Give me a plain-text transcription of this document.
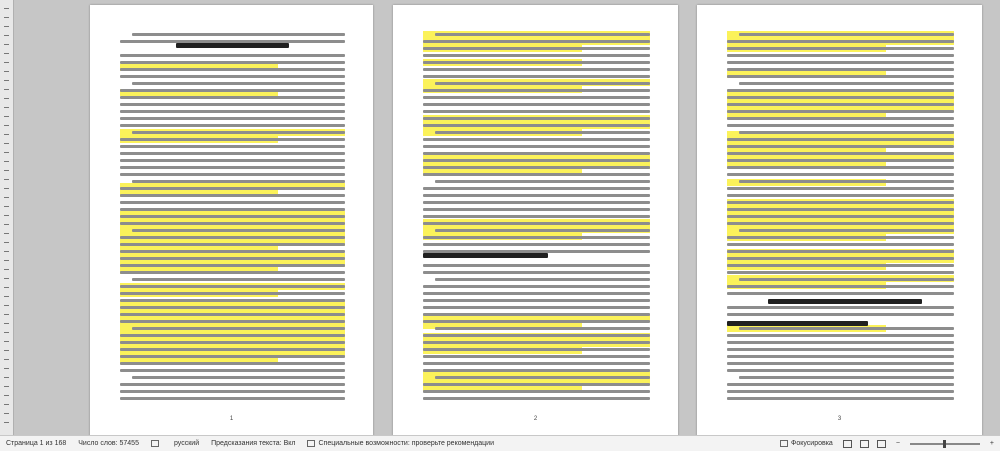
1	2	3
Страница 1 из 168	Число слов: 57455	русский	Предсказания текста: Вкл	Специальные возможности: проверьте рекомендации	Фокусировка	−	+
